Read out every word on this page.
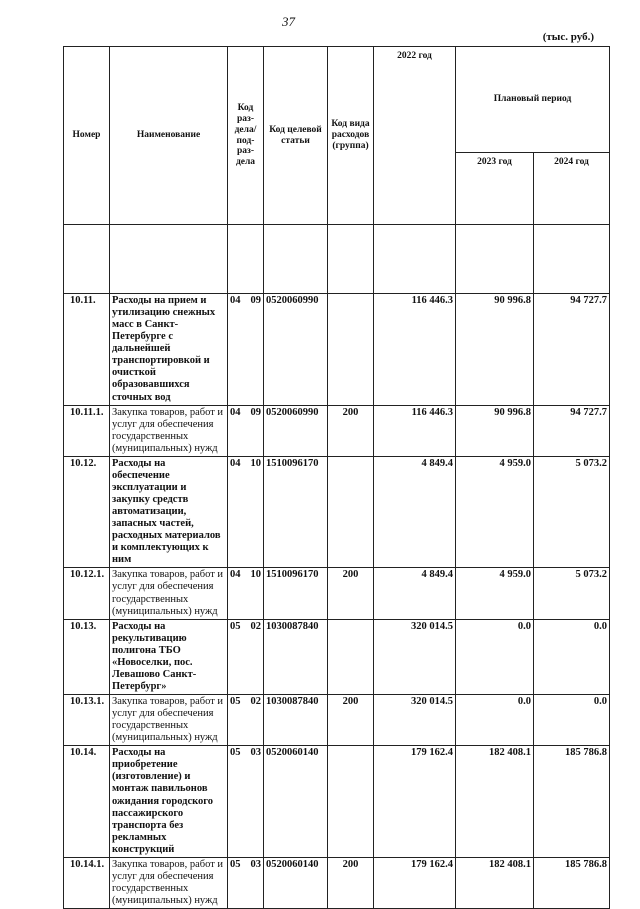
37
(тыс. руб.)
Номер	Наименование	Код раз-дела/ под-раз-дела		Код целевой статьи	Код вида расходов (группа)	2022 год	Плановый период	
							2023 год	2024 год

10.11.	Расходы на прием и утилизацию снежных масс в Санкт-Петербурге с дальнейшей транспортировкой и очисткой образовавшихся сточных вод	04	09	0520060990		116 446.3	90 996.8	94 727.7
10.11.1.	Закупка товаров, работ и услуг для обеспечения государственных (муниципальных) нужд	04	09	0520060990	200	116 446.3	90 996.8	94 727.7
10.12.	Расходы на обеспечение эксплуатации и закупку средств автоматизации, запасных частей, расходных материалов и комплектующих к ним	04	10	1510096170		4 849.4	4 959.0	5 073.2
10.12.1.	Закупка товаров, работ и услуг для обеспечения государственных (муниципальных) нужд	04	10	1510096170	200	4 849.4	4 959.0	5 073.2
10.13.	Расходы на рекультивацию полигона ТБО «Новоселки, пос. Левашово Санкт-Петербург»	05	02	1030087840		320 014.5	0.0	0.0
10.13.1.	Закупка товаров, работ и услуг для обеспечения государственных (муниципальных) нужд	05	02	1030087840	200	320 014.5	0.0	0.0
10.14.	Расходы на приобретение (изготовление) и монтаж павильонов ожидания городского пассажирского транспорта без рекламных конструкций	05	03	0520060140		179 162.4	182 408.1	185 786.8
10.14.1.	Закупка товаров, работ и услуг для обеспечения государственных (муниципальных) нужд	05	03	0520060140	200	179 162.4	182 408.1	185 786.8
